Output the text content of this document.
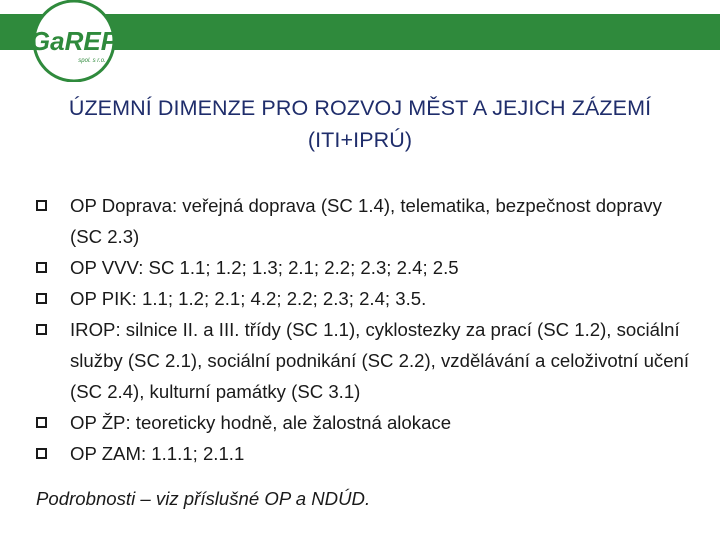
GaREP
spol. s r.o.
ÚZEMNÍ DIMENZE PRO ROZVOJ MĚST A JEJICH ZÁZEMÍ
(ITI+IPRÚ)
OP Doprava: veřejná doprava (SC 1.4), telematika, bezpečnost dopravy (SC 2.3)
OP VVV: SC 1.1; 1.2; 1.3; 2.1; 2.2; 2.3; 2.4; 2.5
OP PIK: 1.1; 1.2; 2.1; 4.2; 2.2; 2.3; 2.4; 3.5.
IROP: silnice II. a III. třídy (SC 1.1), cyklostezky za prací (SC 1.2), sociální služby (SC 2.1), sociální podnikání (SC 2.2), vzdělávání a celoživotní učení (SC 2.4), kulturní památky (SC 3.1)
OP ŽP: teoreticky hodně, ale žalostná alokace
OP ZAM: 1.1.1; 2.1.1
Podrobnosti – viz příslušné OP a NDÚD.
